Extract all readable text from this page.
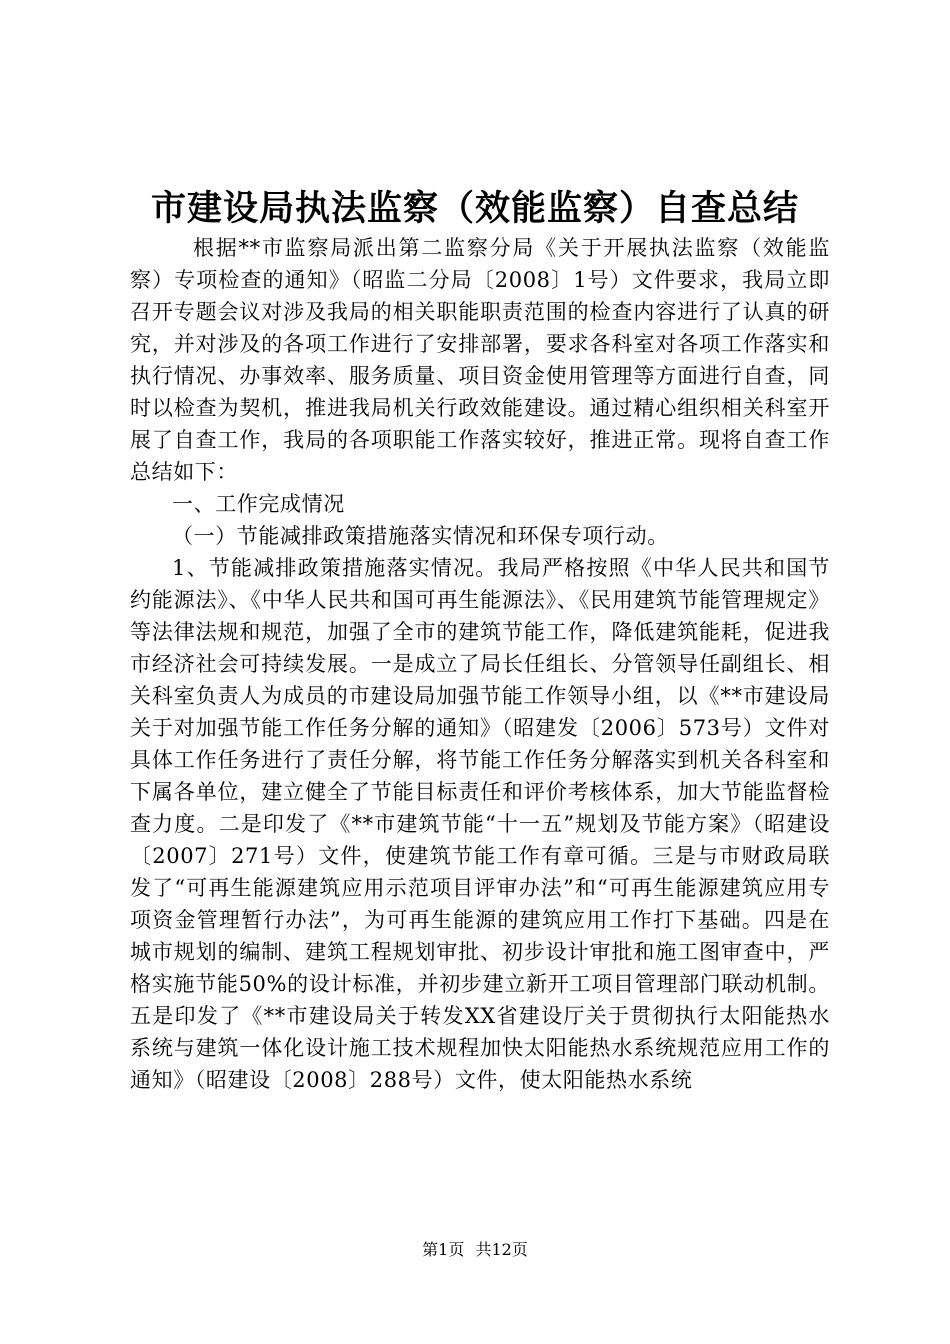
市建设局执法监察（效能监察）自查总结

根据**市监察局派出第二监察分局《关于开展执法监察（效能监察）专项检查的通知》（昭监二分局〔2008〕1号）文件要求，我局立即召开专题会议对涉及我局的相关职能职责范围的检查内容进行了认真的研究，并对涉及的各项工作进行了安排部署，要求各科室对各项工作落实和执行情况、办事效率、服务质量、项目资金使用管理等方面进行自查，同时以检查为契机，推进我局机关行政效能建设。通过精心组织相关科室开展了自查工作，我局的各项职能工作落实较好，推进正常。现将自查工作总结如下：

一、工作完成情况

（一）节能减排政策措施落实情况和环保专项行动。

1、节能减排政策措施落实情况。我局严格按照《中华人民共和国节约能源法》、《中华人民共和国可再生能源法》、《民用建筑节能管理规定》等法律法规和规范，加强了全市的建筑节能工作，降低建筑能耗，促进我市经济社会可持续发展。一是成立了局长任组长、分管领导任副组长、相关科室负责人为成员的市建设局加强节能工作领导小组，以《**市建设局关于对加强节能工作任务分解的通知》（昭建发〔2006〕573号）文件对具体工作任务进行了责任分解，将节能工作任务分解落实到机关各科室和下属各单位，建立健全了节能目标责任和评价考核体系，加大节能监督检查力度。二是印发了《**市建筑节能“十一五”规划及节能方案》（昭建设〔2007〕271号）文件，使建筑节能工作有章可循。三是与市财政局联发了“可再生能源建筑应用示范项目评审办法”和“可再生能源建筑应用专项资金管理暂行办法”，为可再生能源的建筑应用工作打下基础。四是在城市规划的编制、建筑工程规划审批、初步设计审批和施工图审查中，严格实施节能50%的设计标准，并初步建立新开工项目管理部门联动机制。五是印发了《**市建设局关于转发XX省建设厅关于贯彻执行太阳能热水系统与建筑一体化设计施工技术规程加快太阳能热水系统规范应用工作的通知》（昭建设〔2008〕288号）文件，使太阳能热水系统

第1页 共12页
